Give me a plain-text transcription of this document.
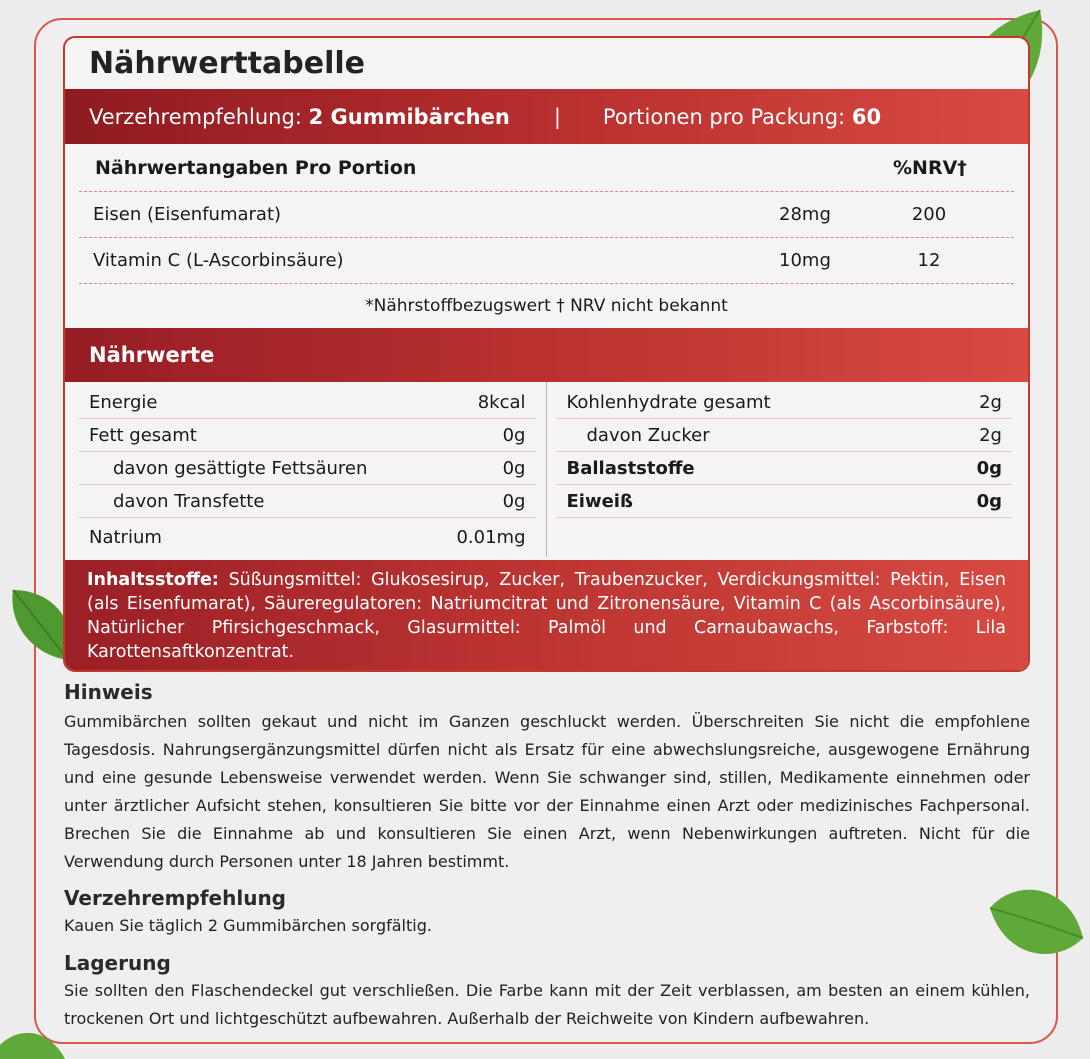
Nährwerttabelle
Verzehrempfehlung:
2 Gummibärchen | Portionen pro Packung:
60
Nährwertangaben Pro Portion	%NRV†
Eisen (Eisenfumarat)	28mg	200
Vitamin C (L-Ascorbinsäure)	10mg	12
*Nährstoffbezugswert † NRV nicht bekannt
Nährwerte
Energie	8kcal
Fett gesamt	0g
davon gesättigte Fettsäuren	0g
davon Transfette	0g
Natrium	0.01mg
Kohlenhydrate gesamt	2g
davon Zucker	2g
Ballaststoffe	0g
Eiweiß	0g
Inhaltsstoffe: Süßungsmittel: Glukosesirup, Zucker, Traubenzucker, Verdickungsmittel: Pektin, Eisen (als Eisenfumarat), Säureregulatoren: Natriumcitrat und Zitronensäure, Vitamin C (als Ascorbinsäure), Natürlicher Pfirsichgeschmack, Glasurmittel: Palmöl und Carnaubawachs, Farbstoff: Lila Karottensaftkonzentrat.
Hinweis
Gummibärchen sollten gekaut und nicht im Ganzen geschluckt werden. Überschreiten Sie nicht die empfohlene Tagesdosis. Nahrungsergänzungsmittel dürfen nicht als Ersatz für eine abwechslungsreiche, ausgewogene Ernährung und eine gesunde Lebensweise verwendet werden. Wenn Sie schwanger sind, stillen, Medikamente einnehmen oder unter ärztlicher Aufsicht stehen, konsultieren Sie bitte vor der Einnahme einen Arzt oder medizinisches Fachpersonal. Brechen Sie die Einnahme ab und konsultieren Sie einen Arzt, wenn Nebenwirkungen auftreten. Nicht für die Verwendung durch Personen unter 18 Jahren bestimmt.
Verzehrempfehlung
Kauen Sie täglich 2 Gummibärchen sorgfältig.
Lagerung
Sie sollten den Flaschendeckel gut verschließen. Die Farbe kann mit der Zeit verblassen, am besten an einem kühlen, trockenen Ort und lichtgeschützt aufbewahren. Außerhalb der Reichweite von Kindern aufbewahren.
